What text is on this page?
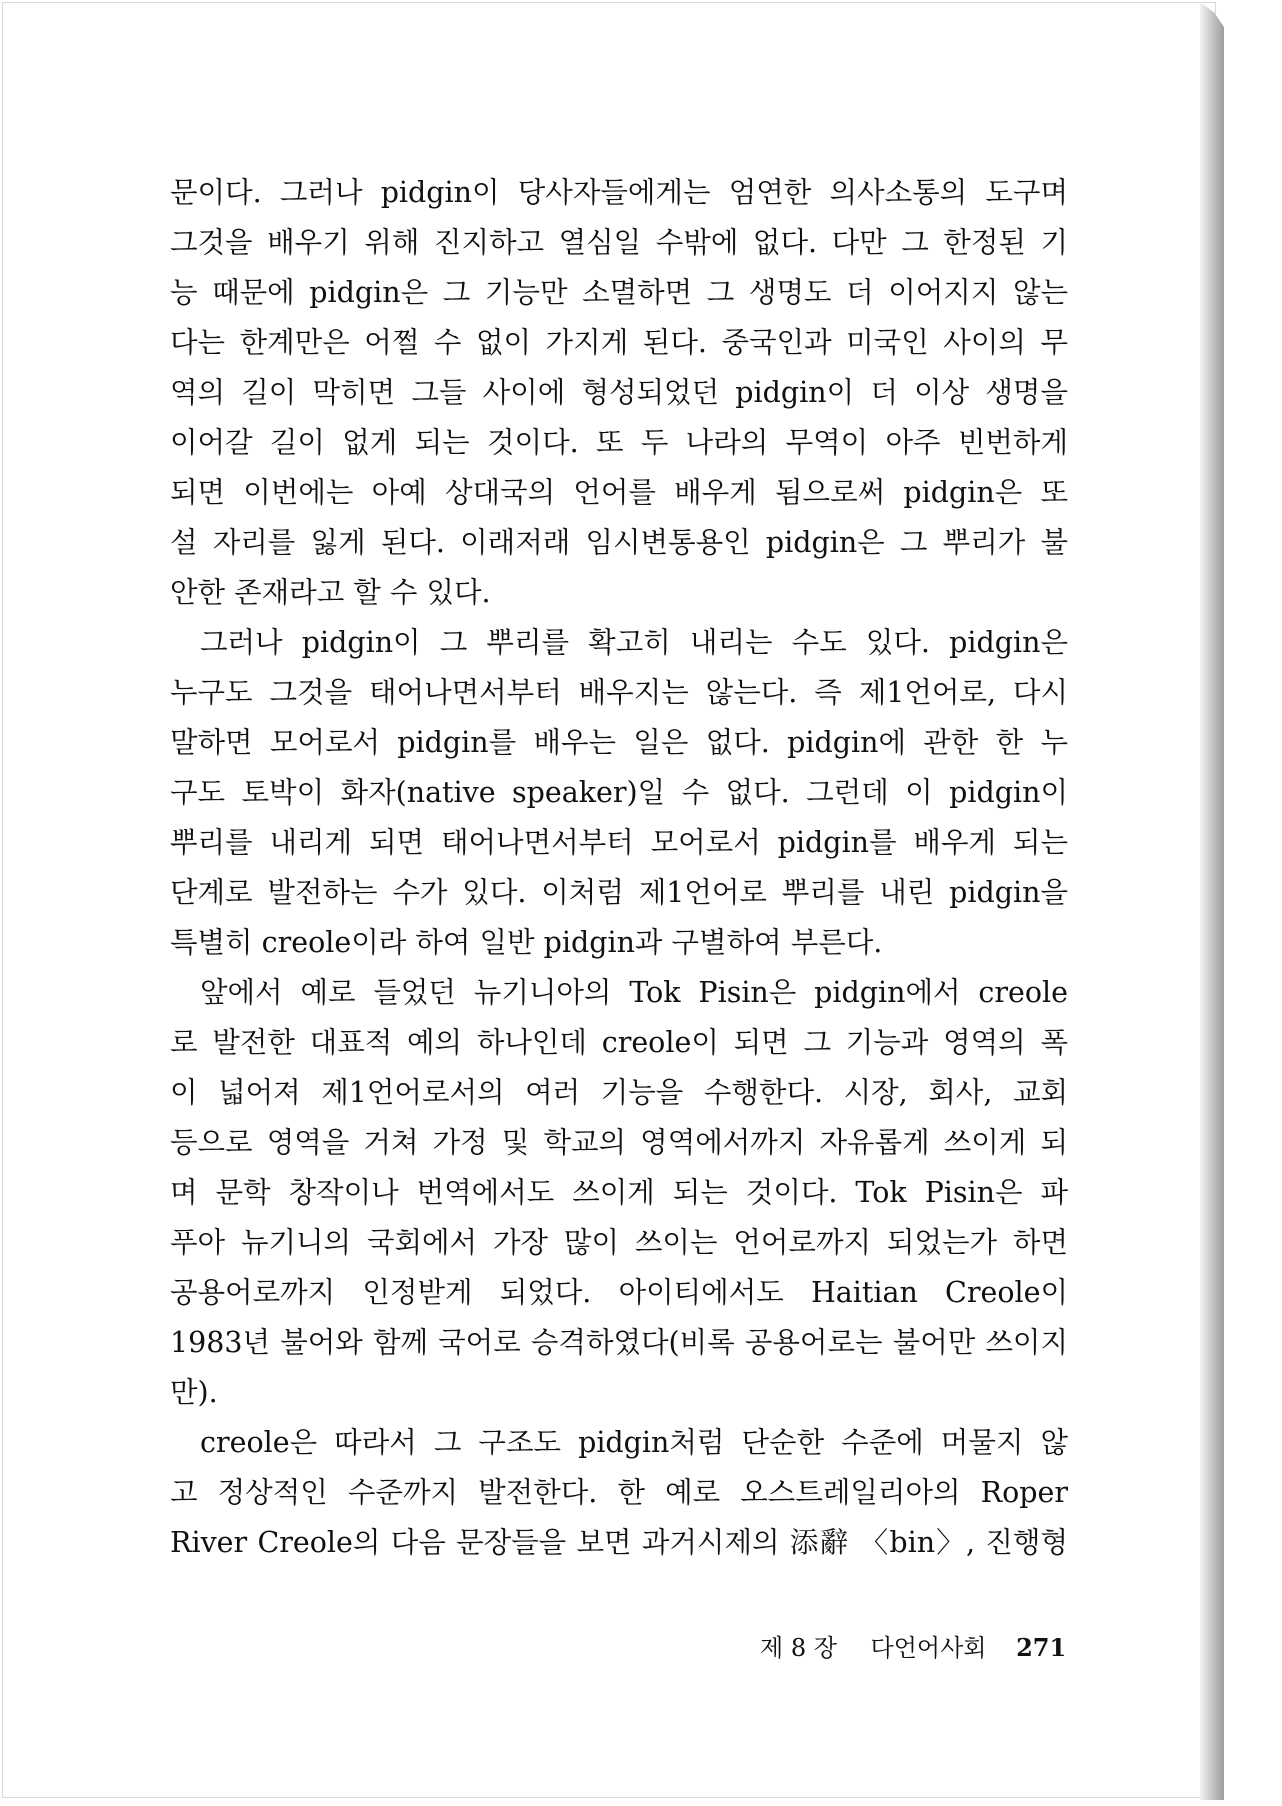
문이다. 그러나 pidgin이 당사자들에게는 엄연한 의사소통의 도구며
그것을 배우기 위해 진지하고 열심일 수밖에 없다. 다만 그 한정된 기
능 때문에 pidgin은 그 기능만 소멸하면 그 생명도 더 이어지지 않는
다는 한계만은 어쩔 수 없이 가지게 된다. 중국인과 미국인 사이의 무
역의 길이 막히면 그들 사이에 형성되었던 pidgin이 더 이상 생명을
이어갈 길이 없게 되는 것이다. 또 두 나라의 무역이 아주 빈번하게
되면 이번에는 아예 상대국의 언어를 배우게 됨으로써 pidgin은 또
설 자리를 잃게 된다. 이래저래 임시변통용인 pidgin은 그 뿌리가 불
안한 존재라고 할 수 있다.
그러나 pidgin이 그 뿌리를 확고히 내리는 수도 있다. pidgin은
누구도 그것을 태어나면서부터 배우지는 않는다. 즉 제1언어로, 다시
말하면 모어로서 pidgin를 배우는 일은 없다. pidgin에 관한 한 누
구도 토박이 화자(native speaker)일 수 없다. 그런데 이 pidgin이
뿌리를 내리게 되면 태어나면서부터 모어로서 pidgin를 배우게 되는
단계로 발전하는 수가 있다. 이처럼 제1언어로 뿌리를 내린 pidgin을
특별히 creole이라 하여 일반 pidgin과 구별하여 부른다.
앞에서 예로 들었던 뉴기니아의 Tok Pisin은 pidgin에서 creole
로 발전한 대표적 예의 하나인데 creole이 되면 그 기능과 영역의 폭
이 넓어져 제1언어로서의 여러 기능을 수행한다. 시장, 회사, 교회
등으로 영역을 거쳐 가정 및 학교의 영역에서까지 자유롭게 쓰이게 되
며 문학 창작이나 번역에서도 쓰이게 되는 것이다. Tok Pisin은 파
푸아 뉴기니의 국회에서 가장 많이 쓰이는 언어로까지 되었는가 하면
공용어로까지 인정받게 되었다. 아이티에서도 Haitian Creole이
1983년 불어와 함께 국어로 승격하였다(비록 공용어로는 불어만 쓰이지
만).
creole은 따라서 그 구조도 pidgin처럼 단순한 수준에 머물지 않
고 정상적인 수준까지 발전한다. 한 예로 오스트레일리아의 Roper
River Creole의 다음 문장들을 보면 과거시제의 添辭 〈bin〉, 진행형
제 8 장 다언어사회 271
